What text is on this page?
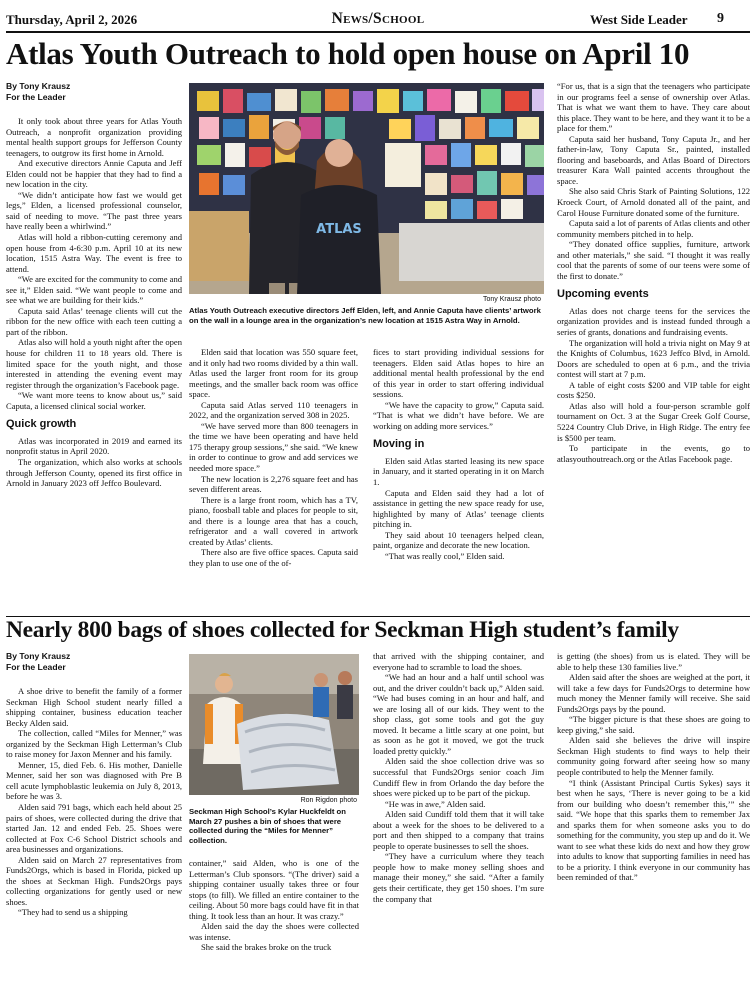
Thursday, April 2, 2026	News/School	West Side Leader 9
Atlas Youth Outreach to hold open house on April 10
By Tony Krausz
For the Leader

It only took about three years for Atlas Youth Outreach, a nonprofit organization providing mental health support groups for Jefferson County teenagers, to outgrow its first home in Arnold.

And executive directors Annie Caputa and Jeff Elden could not be happier that they had to find a new location in the city.

“We didn’t anticipate how fast we would get legs,” Elden, a licensed professional counselor, said of needing to move. “The past three years have really been a whirlwind.”

Atlas will hold a ribbon-cutting ceremony and open house from 4-6:30 p.m. April 10 at its new location, 1515 Astra Way. The event is free to attend.

“We are excited for the community to come and see it,” Elden said. “We want people to come and see what we are building for their kids.”

Caputa said Atlas’ teenage clients will cut the ribbon for the new office with each teen cutting a part of the ribbon.

Atlas also will hold a youth night after the open house for children 11 to 18 years old. There is limited space for the youth night, and those interested in attending the evening event may register through the organization’s Facebook page.

“We want more teens to know about us,” said Caputa, a licensed clinical social worker.

Quick growth

Atlas was incorporated in 2019 and earned its nonprofit status in April 2020.

The organization, which also works at schools through Jefferson County, opened its first office in Arnold in January 2023 off Jeffco Boulevard.

ATLAS
Tony Krausz photo
Atlas Youth Outreach executive directors Jeff Elden, left, and Annie Caputa have clients’ artwork on the wall in a lounge area in the organization’s new location at 1515 Astra Way in Arnold.

Elden said that location was 550 square feet, and it only had two rooms divided by a thin wall. Atlas used the larger front room for its group meetings, and the smaller back room was office space.

Caputa said Atlas served 110 teenagers in 2022, and the organization served 308 in 2025.

“We have served more than 800 teenagers in the time we have been operating and have held 175 therapy group sessions,” she said. “We knew in order to continue to grow and add services we needed more space.”

The new location is 2,276 square feet and has seven different areas.

There is a large front room, which has a TV, piano, foosball table and places for people to sit, and there is a lounge area that has a couch, refrigerator and a wall covered in artwork created by Atlas’ clients.

There also are five office spaces. Caputa said they plan to use one of the of-

fices to start providing individual sessions for teenagers. Elden said Atlas hopes to hire an additional mental health professional by the end of this year in order to start offering individual sessions.

“We have the capacity to grow,” Caputa said. “That is what we didn’t have before. We are working on adding more services.”

Moving in

Elden said Atlas started leasing its new space in January, and it started operating in it on March 1.

Caputa and Elden said they had a lot of assistance in getting the new space ready for use, highlighted by many of Atlas’ teenage clients pitching in.

They said about 10 teenagers helped clean, paint, organize and decorate the new location.

“That was really cool,” Elden said.

“For us, that is a sign that the teenagers who participate in our programs feel a sense of ownership over Atlas. That is what we want them to have. They care about this place. They want to be here, and they want it to be a place for them.”

Caputa said her husband, Tony Caputa Jr., and her father-in-law, Tony Caputa Sr., painted, installed flooring and baseboards, and Atlas Board of Directors treasurer Kara Wall painted accents throughout the space.

She also said Chris Stark of Painting Solutions, 122 Kroeck Court, of Arnold donated all of the paint, and Carol House Furniture donated some of the furniture.

Caputa said a lot of parents of Atlas clients and other community members pitched in to help.

“They donated office supplies, furniture, artwork and other materials,” she said. “I thought it was really cool that the parents of some of our teens were some of the first to donate.”

Upcoming events

Atlas does not charge teens for the services the organization provides and is instead funded through a series of grants, donations and fundraising events.

The organization will hold a trivia night on May 9 at the Knights of Columbus, 1623 Jeffco Blvd, in Arnold. Doors are scheduled to open at 6 p.m., and the trivia contest will start at 7 p.m.

A table of eight costs $200 and VIP table for eight costs $250.

Atlas also will hold a four-person scramble golf tournament on Oct. 3 at the Sugar Creek Golf Course, 5224 Country Club Drive, in High Ridge. The entry fee is $500 per team.

To participate in the events, go to atlasyouthoutreach.org or the Atlas Facebook page.

Nearly 800 bags of shoes collected for Seckman High student’s family
By Tony Krausz
For the Leader

A shoe drive to benefit the family of a former Seckman High School student nearly filled a shipping container, business education teacher Becky Alden said.

The collection, called “Miles for Menner,” was organized by the Seckman High Letterman’s Club to raise money for Jaxon Menner and his family.

Menner, 15, died Feb. 6. His mother, Danielle Menner, said her son was diagnosed with Pre B cell acute lymphoblastic leukemia on July 8, 2013, before he was 3.

Alden said 791 bags, which each held about 25 pairs of shoes, were collected during the drive that started Jan. 12 and ended Feb. 25. Shoes were collected at Fox C-6 School District schools and area businesses and organizations.

Alden said on March 27 representatives from Funds2Orgs, which is based in Florida, picked up the shoes at Seckman High. Funds2Orgs pays collecting organizations for gently used or new shoes.

“They had to send us a shipping

Ron Rigdon photo
Seckman High School’s Kylar Huckfeldt on March 27 pushes a bin of shoes that were collected during the “Miles for Menner” collection.

container,” said Alden, who is one of the Letterman’s Club sponsors. “(The driver) said a shipping container usually takes three or four stops (to fill). We filled an entire container to the ceiling. About 50 more bags could have fit in that thing. It took less than an hour. It was crazy.”

Alden said the day the shoes were collected was intense.

She said the brakes broke on the truck

that arrived with the shipping container, and everyone had to scramble to load the shoes.

“We had an hour and a half until school was out, and the driver couldn’t back up,” Alden said. “We had buses coming in an hour and half, and we are losing all of our kids. They went to the shop class, got some tools and got the guy moved. It became a little scary at one point, but as soon as he got it moved, we got the truck loaded pretty quickly.”

Alden said the shoe collection drive was so successful that Funds2Orgs senior coach Jim Cundiff flew in from Orlando the day before the shoes were picked up to be part of the pickup.

“He was in awe,” Alden said.

Alden said Cundiff told them that it will take about a week for the shoes to be delivered to a port and then shipped to a company that trains people to operate businesses to sell the shoes.

“They have a curriculum where they teach people how to make money selling shoes and manage their money,” she said. “After a family gets their certificate, they get 150 shoes. I’m sure the company that

is getting (the shoes) from us is elated. They will be able to help these 130 families live.”

Alden said after the shoes are weighed at the port, it will take a few days for Funds2Orgs to determine how much money the Menner family will receive. She said Funds2Orgs pays by the pound.

“The bigger picture is that these shoes are going to keep giving,” she said.

Alden said she believes the drive will inspire Seckman High students to find ways to help their community going forward after seeing how so many people contributed to help the Menner family.

“I think (Assistant Principal Curtis Sykes) says it best when he says, ‘There is never going to be a kid from our building who doesn’t remember this,’” she said. “We hope that this sparks them to remember Jax and sparks them for when someone asks you to do something for the community, you step up and do it. We want to see what these kids do next and how they grow into adults to know that supporting families in need has to be a priority. I think everyone in our community has been reminded of that.”
